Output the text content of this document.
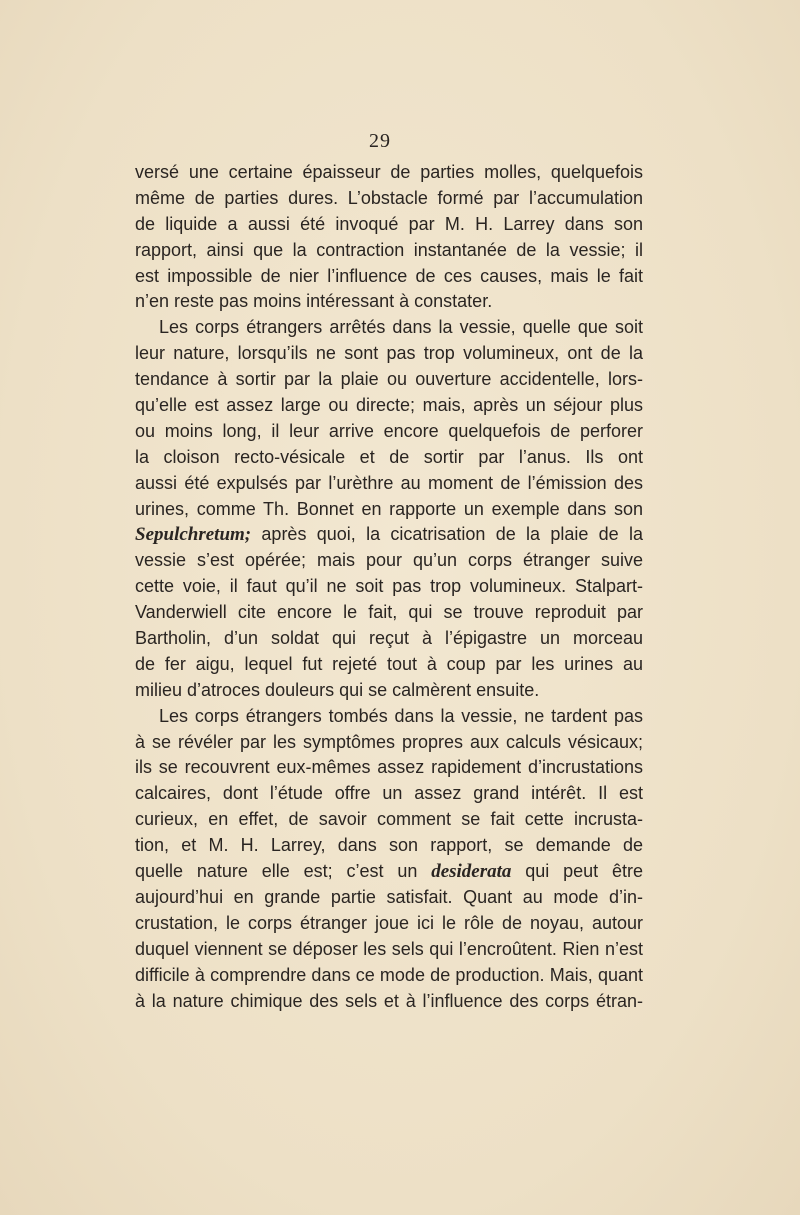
29
versé une certaine épaisseur de parties molles, quelquefois
même de parties dures. L’obstacle formé par l’accumulation
de liquide a aussi été invoqué par M. H. Larrey dans son
rapport, ainsi que la contraction instantanée de la vessie; il
est impossible de nier l’influence de ces causes, mais le fait
n’en reste pas moins intéressant à constater.
Les corps étrangers arrêtés dans la vessie, quelle que soit
leur nature, lorsqu’ils ne sont pas trop volumineux, ont de la
tendance à sortir par la plaie ou ouverture accidentelle, lors-
qu’elle est assez large ou directe; mais, après un séjour plus
ou moins long, il leur arrive encore quelquefois de perforer
la cloison recto-vésicale et de sortir par l’anus. Ils ont
aussi été expulsés par l’urèthre au moment de l’émission des
urines, comme Th. Bonnet en rapporte un exemple dans son
Sepulchretum; après quoi, la cicatrisation de la plaie de la
vessie s’est opérée; mais pour qu’un corps étranger suive
cette voie, il faut qu’il ne soit pas trop volumineux. Stalpart-
Vanderwiell cite encore le fait, qui se trouve reproduit par
Bartholin, d’un soldat qui reçut à l’épigastre un morceau
de fer aigu, lequel fut rejeté tout à coup par les urines au
milieu d’atroces douleurs qui se calmèrent ensuite.
Les corps étrangers tombés dans la vessie, ne tardent pas
à se révéler par les symptômes propres aux calculs vésicaux;
ils se recouvrent eux-mêmes assez rapidement d’incrustations
calcaires, dont l’étude offre un assez grand intérêt. Il est
curieux, en effet, de savoir comment se fait cette incrusta-
tion, et M. H. Larrey, dans son rapport, se demande de
quelle nature elle est; c’est un desiderata qui peut être
aujourd’hui en grande partie satisfait. Quant au mode d’in-
crustation, le corps étranger joue ici le rôle de noyau, autour
duquel viennent se déposer les sels qui l’encroûtent. Rien n’est
difficile à comprendre dans ce mode de production. Mais, quant
à la nature chimique des sels et à l’influence des corps étran-
